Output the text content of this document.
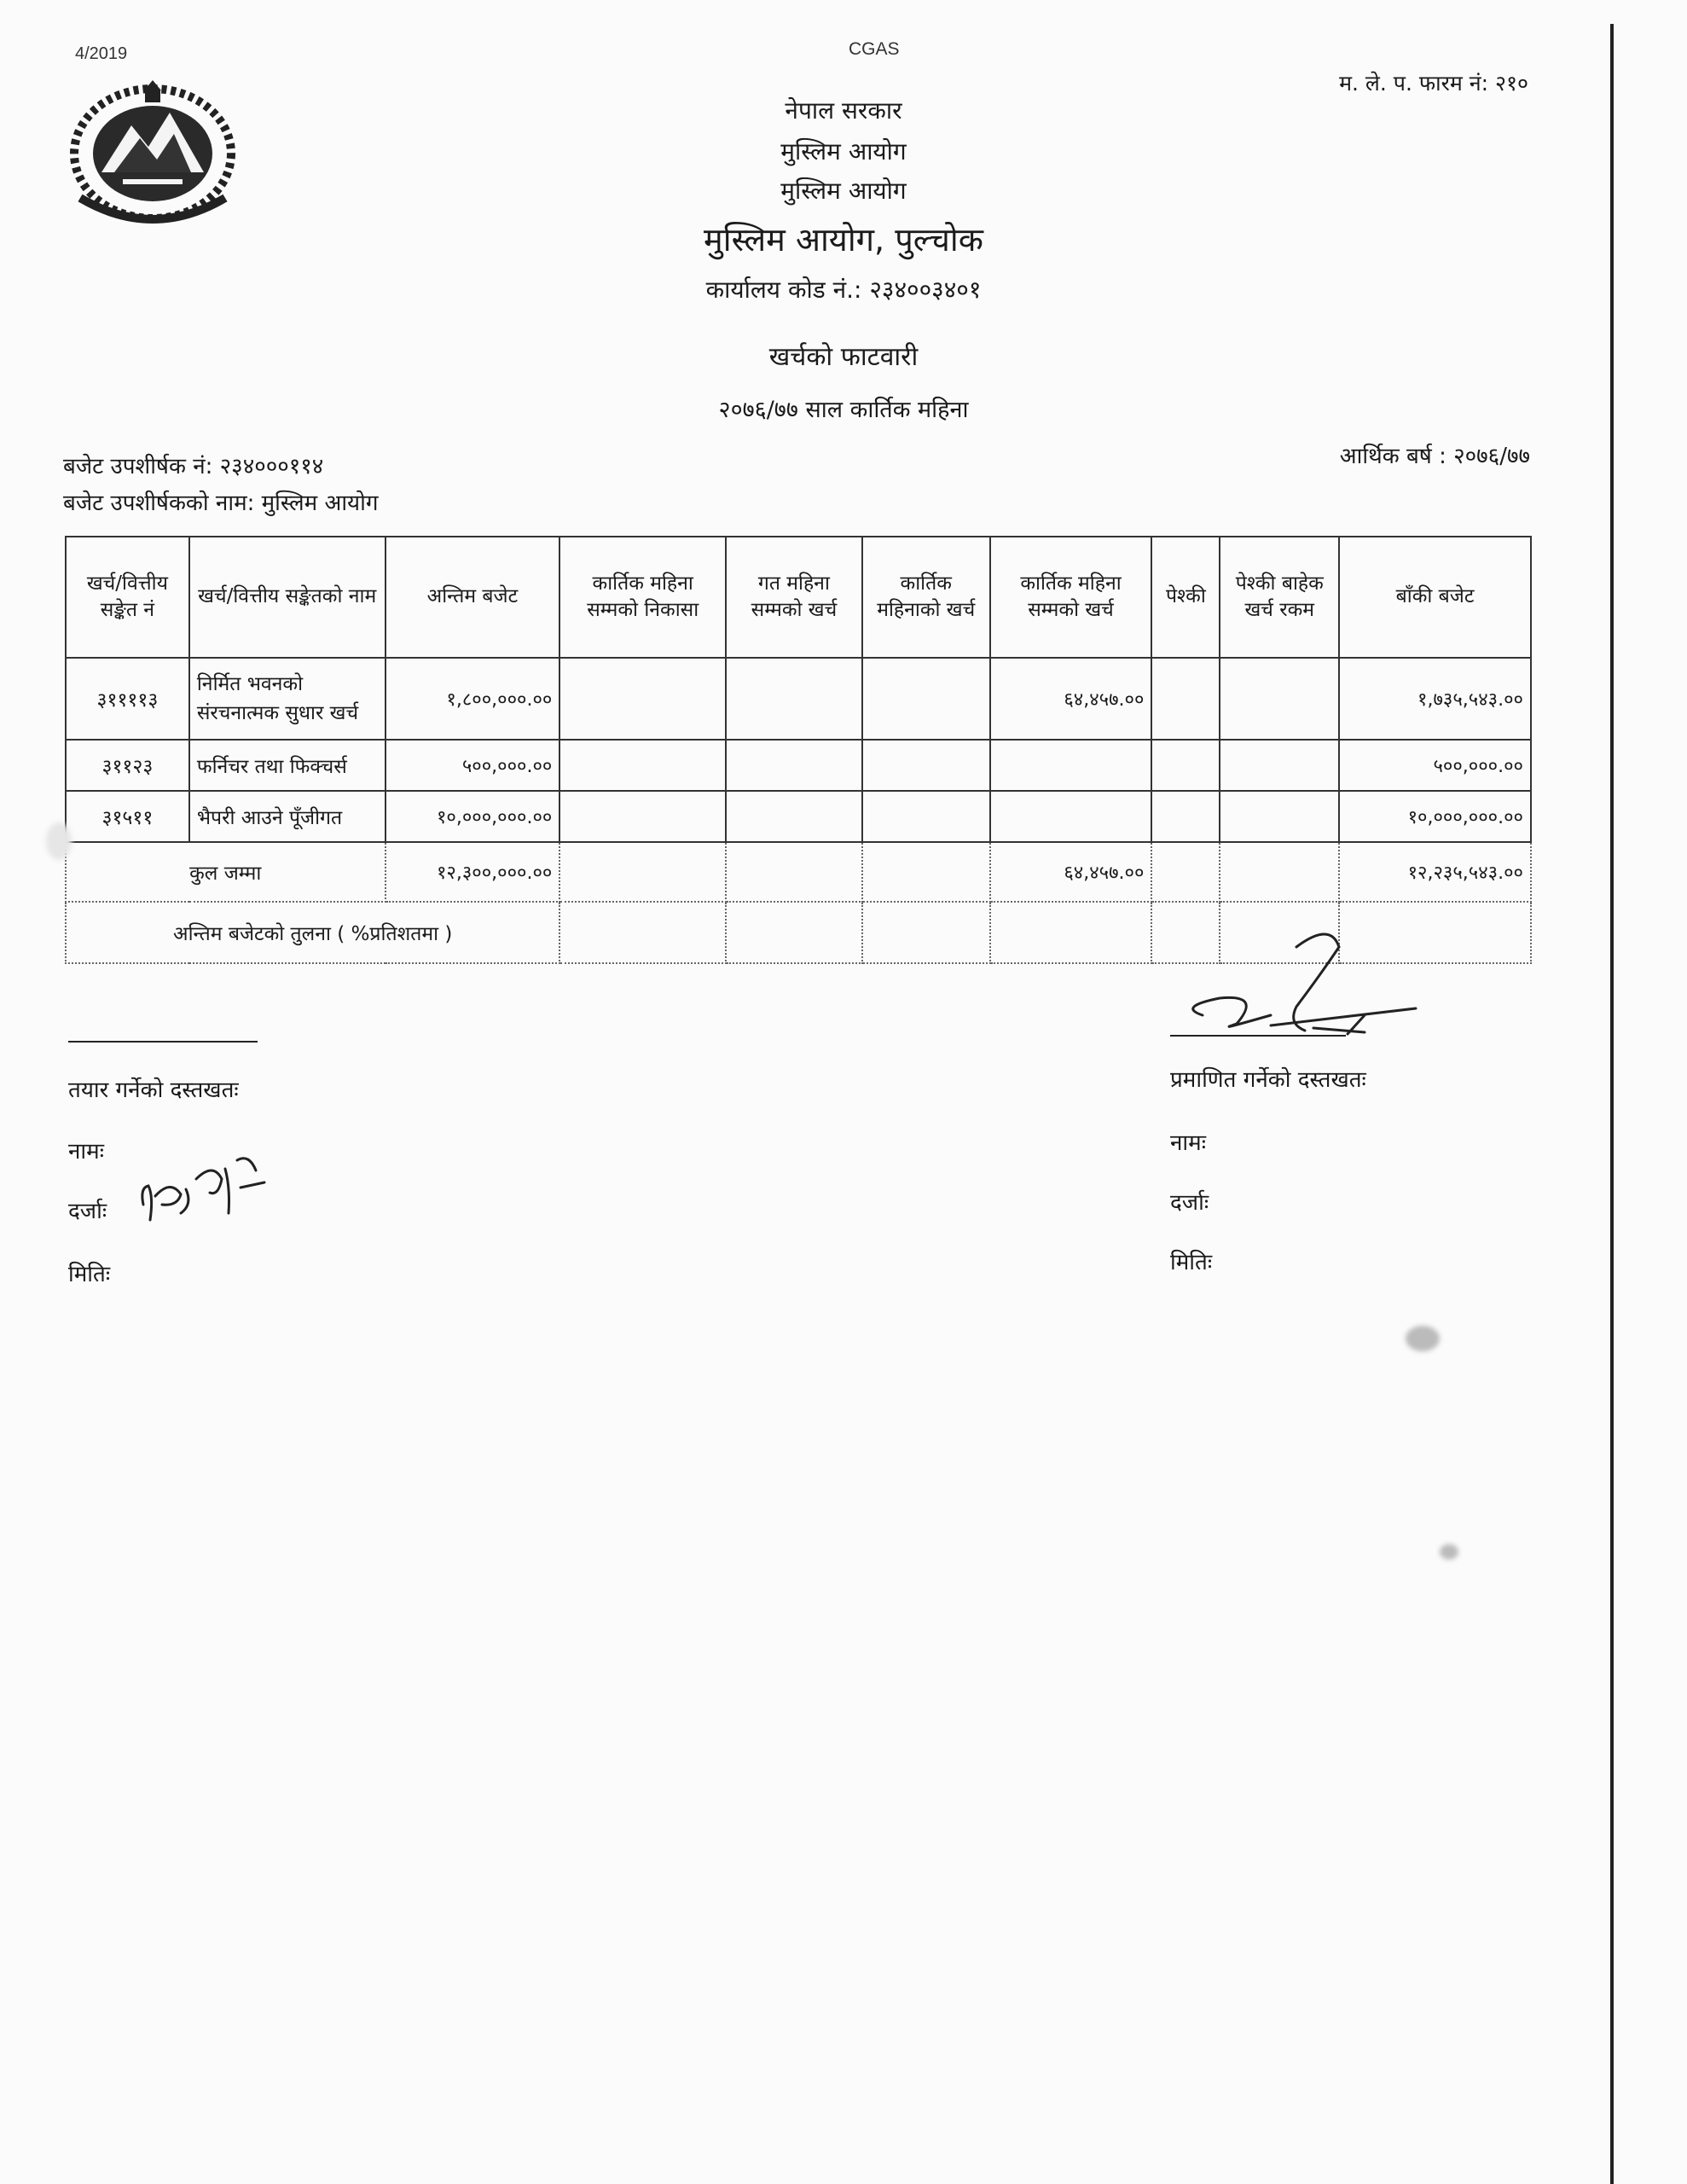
4/2019	CGAS
म. ले. प. फारम नं: २१०
नेपाल सरकार
मुस्लिम आयोग
मुस्लिम आयोग
मुस्लिम आयोग, पुल्चोक
कार्यालय कोड नं.: २३४००३४०१
खर्चको फाटवारी
२०७६/७७ साल कार्तिक महिना
बजेट उपशीर्षक नं: २३४०००११४
बजेट उपशीर्षकको नाम: मुस्लिम आयोग
आर्थिक बर्ष : २०७६/७७
खर्च/वित्तीय सङ्केत नं	खर्च/वित्तीय सङ्केतको नाम	अन्तिम बजेट	कार्तिक महिना सम्मको निकासा	गत महिना सम्मको खर्च	कार्तिक महिनाको खर्च	कार्तिक महिना सम्मको खर्च	पेश्की	पेश्की बाहेक खर्च रकम	बाँकी बजेट
३११११३	निर्मित भवनको संरचनात्मक सुधार खर्च	१,८००,०००.००				६४,४५७.००			१,७३५,५४३.००
३११२३	फर्निचर तथा फिक्चर्स	५००,०००.००							५००,०००.००
३१५११	भैपरी आउने पूँजीगत	१०,०००,०००.००							१०,०००,०००.००
कुल जम्मा		१२,३००,०००.००				६४,४५७.००			१२,२३५,५४३.००
अन्तिम बजेटको तुलना ( %प्रतिशतमा )									
तयार गर्नेको दस्तखतः
नामः
दर्जाः
मितिः
प्रमाणित गर्नेको दस्तखतः
नामः
दर्जाः
मितिः
